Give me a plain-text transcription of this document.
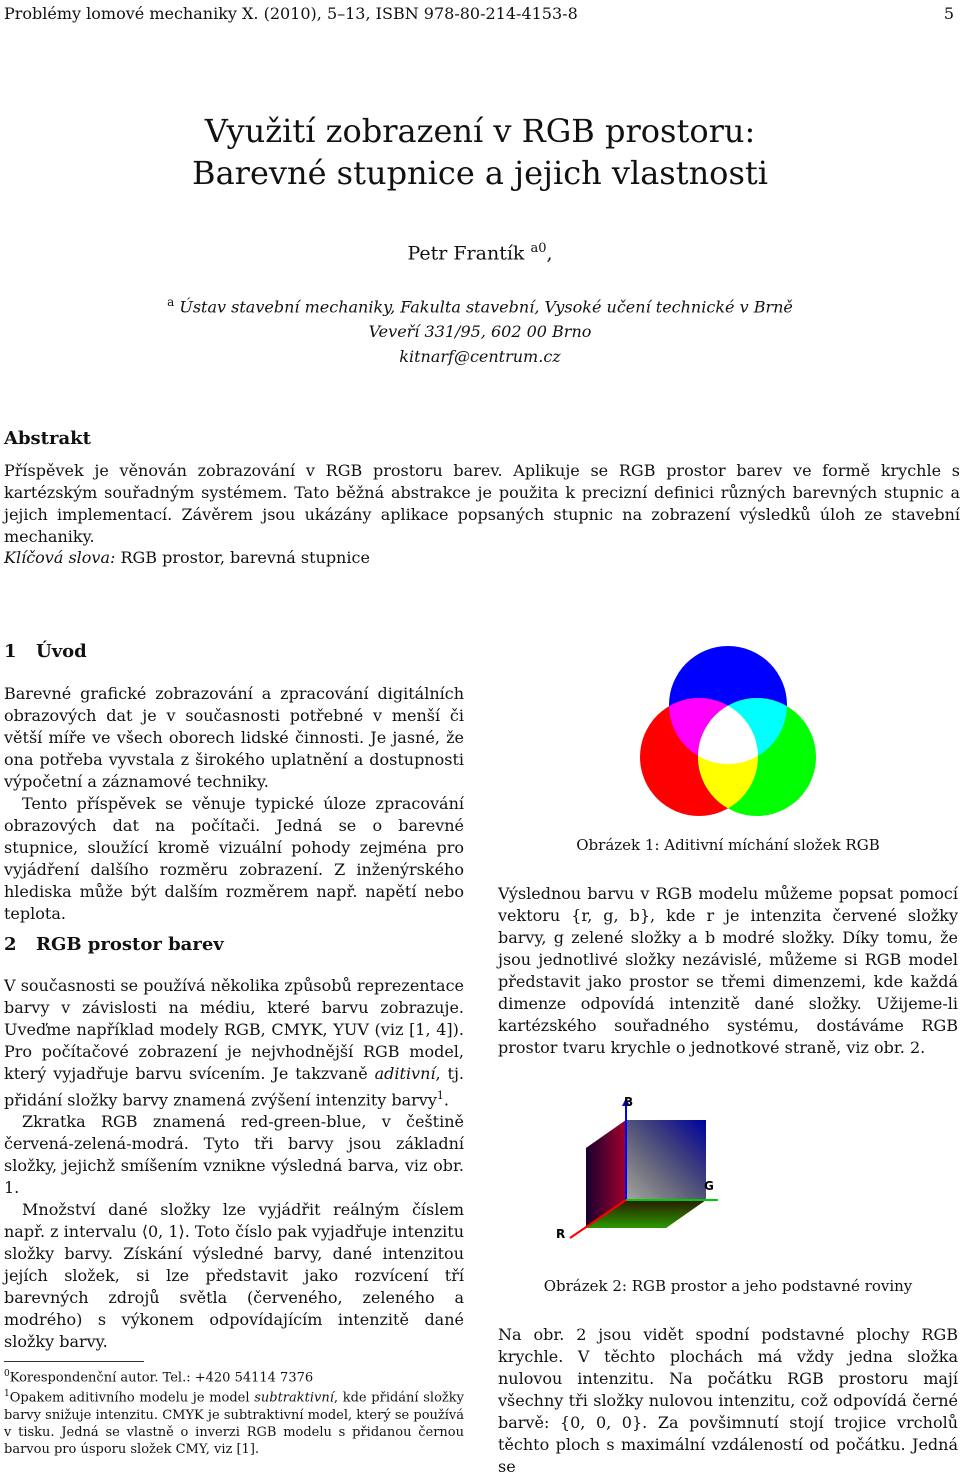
Problémy lomové mechaniky X. (2010), 5–13, ISBN 978-80-214-4153-8	5
Využití zobrazení v RGB prostoru:
Barevné stupnice a jejich vlastnosti
Petr Frantík $^{a0}$,
$^a$ Ústav stavební mechaniky, Fakulta stavební, Vysoké učení technické v Brně
Veveří 331/95, 602 00 Brno
kitnarf@centrum.cz
Abstrakt
Příspěvek je věnován zobrazování v RGB prostoru barev. Aplikuje se RGB prostor barev ve formě krychle s kartézským souřadným systémem. Tato běžná abstrakce je použita k precizní definici různých barevných stupnic a jejich implementací. Závěrem jsou ukázány aplikace popsaných stupnic na zobrazení výsledků úloh ze stavební mechaniky.
Klíčová slova: RGB prostor, barevná stupnice
1 Úvod

Barevné grafické zobrazování a zpracování digitálních obrazových dat je v současnosti potřebné v menší či větší míře ve všech oborech lidské činnosti. Je jasné, že ona potřeba vyvstala z širokého uplatnění a dostupnosti výpočetní a záznamové techniky.

Tento příspěvek se věnuje typické úloze zpracování obrazových dat na počítači. Jedná se o barevné stupnice, sloužící kromě vizuální pohody zejména pro vyjádření dalšího rozměru zobrazení. Z inženýrského hlediska může být dalším rozměrem např. napětí nebo teplota.

2 RGB prostor barev

V současnosti se používá několika způsobů reprezentace barvy v závislosti na médiu, které barvu zobrazuje. Uveďme například modely RGB, CMYK, YUV (viz [1, 4]). Pro počítačové zobrazení je nejvhodnější RGB model, který vyjadřuje barvu svícením. Je takzvaně aditivní, tj. přidání složky barvy znamená zvýšení intenzity barvy$^1$.

Zkratka RGB znamená red-green-blue, v češtině červená-zelená-modrá. Tyto tři barvy jsou základní složky, jejichž smíšením vznikne výsledná barva, viz obr. 1.

Množství dané složky lze vyjádřit reálným číslem např. z intervalu ⟨0, 1⟩. Toto číslo pak vyjadřuje intenzitu složky barvy. Získání výsledné barvy, dané intenzitou jejích složek, si lze představit jako rozvícení tří barevných zdrojů světla (červeného, zeleného a modrého) s výkonem odpovídajícím intenzitě dané složky barvy.

$^0$Korespondenční autor. Tel.: +420 54114 7376
$^1$Opakem aditivního modelu je model subtraktivní, kde přidání složky barvy snižuje intenzitu. CMYK je subtraktivní model, který se používá v tisku. Jedná se vlastně o inverzi RGB modelu s přidanou černou barvou pro úsporu složek CMY, viz [1].
Obrázek 1: Aditivní míchání složek RGB
Výslednou barvu v RGB modelu můžeme popsat pomocí vektoru {r, g, b}, kde r je intenzita červené složky barvy, g zelené složky a b modré složky. Díky tomu, že jsou jednotlivé složky nezávislé, můžeme si RGB model představit jako prostor se třemi dimenzemi, kde každá dimenze odpovídá intenzitě dané složky. Užijeme-li kartézského souřadného systému, dostáváme RGB prostor tvaru krychle o jednotkové straně, viz obr. 2.
B
G
R
Obrázek 2: RGB prostor a jeho podstavné roviny
Na obr. 2 jsou vidět spodní podstavné plochy RGB krychle. V těchto plochách má vždy jedna složka nulovou intenzitu. Na počátku RGB prostoru mají všechny tři složky nulovou intenzitu, což odpovídá černé barvě: {0, 0, 0}. Za povšimnutí stojí trojice vrcholů těchto ploch s maximální vzdáleností od počátku. Jedná se
